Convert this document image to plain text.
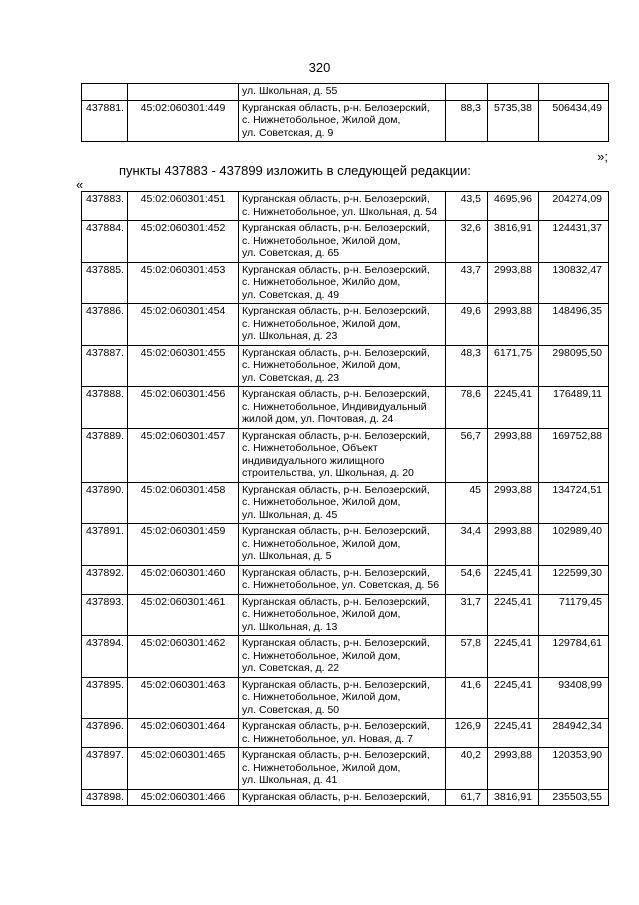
320

		ул. Школьная, д. 55			

437881.	45:02:060301:449	Курганская область, р-н. Белозерский,
с. Нижнетобольное, Жилой дом,
ул. Советская, д. 9	88,3	5735,38	506434,49
»;
пункты 437883 - 437899 изложить в следующей редакции:
«
437883.	45:02:060301:451	Курганская область, р-н. Белозерский,
с. Нижнетобольное, ул. Школьная, д. 54	43,5	4695,96	204274,09
437884.	45:02:060301:452	Курганская область, р-н. Белозерский,
с. Нижнетобольное, Жилой дом,
ул. Советская, д. 65	32,6	3816,91	124431,37
437885.	45:02:060301:453	Курганская область, р-н. Белозерский,
с. Нижнетобольное, Жилйо дом,
ул. Советская, д. 49	43,7	2993,88	130832,47
437886.	45:02:060301:454	Курганская область, р-н. Белозерский,
с. Нижнетобольное, Жилой дом,
ул. Школьная, д. 23	49,6	2993,88	148496,35
437887.	45:02:060301:455	Курганская область, р-н. Белозерский,
с. Нижнетобольное, Жилой дом,
ул. Советская, д. 23	48,3	6171,75	298095,50
437888.	45:02:060301:456	Курганская область, р-н. Белозерский,
с. Нижнетобольное, Индивидуальный
жилой дом, ул. Почтовая, д. 24	78,6	2245,41	176489,11
437889.	45:02:060301:457	Курганская область, р-н. Белозерский,
с. Нижнетобольное, Объект
индивидуального жилищного
строительства, ул. Школьная, д. 20	56,7	2993,88	169752,88
437890.	45:02:060301:458	Курганская область, р-н. Белозерский,
с. Нижнетобольное, Жилой дом,
ул. Школьная, д. 45	45	2993,88	134724,51
437891.	45:02:060301:459	Курганская область, р-н. Белозерский,
с. Нижнетобольное, Жилой дом,
ул. Школьная, д. 5	34,4	2993,88	102989,40
437892.	45:02:060301:460	Курганская область, р-н. Белозерский,
с. Нижнетобольное, ул. Советская, д. 56	54,6	2245,41	122599,30
437893.	45:02:060301:461	Курганская область, р-н. Белозерский,
с. Нижнетобольное, Жилой дом,
ул. Школьная, д. 13	31,7	2245,41	71179,45
437894.	45:02:060301:462	Курганская область, р-н. Белозерский,
с. Нижнетобольное, Жилой дом,
ул. Советская, д. 22	57,8	2245,41	129784,61
437895.	45:02:060301:463	Курганская область, р-н. Белозерский,
с. Нижнетобольное, Жилой дом,
ул. Советская, д. 50	41,6	2245,41	93408,99
437896.	45:02:060301:464	Курганская область, р-н. Белозерский,
с. Нижнетобольное, ул. Новая, д. 7	126,9	2245,41	284942,34
437897.	45:02:060301:465	Курганская область, р-н. Белозерский,
с. Нижнетобольное, Жилой дом,
ул. Школьная, д. 41	40,2	2993,88	120353,90
437898.	45:02:060301:466	Курганская область, р-н. Белозерский,	61,7	3816,91	235503,55
